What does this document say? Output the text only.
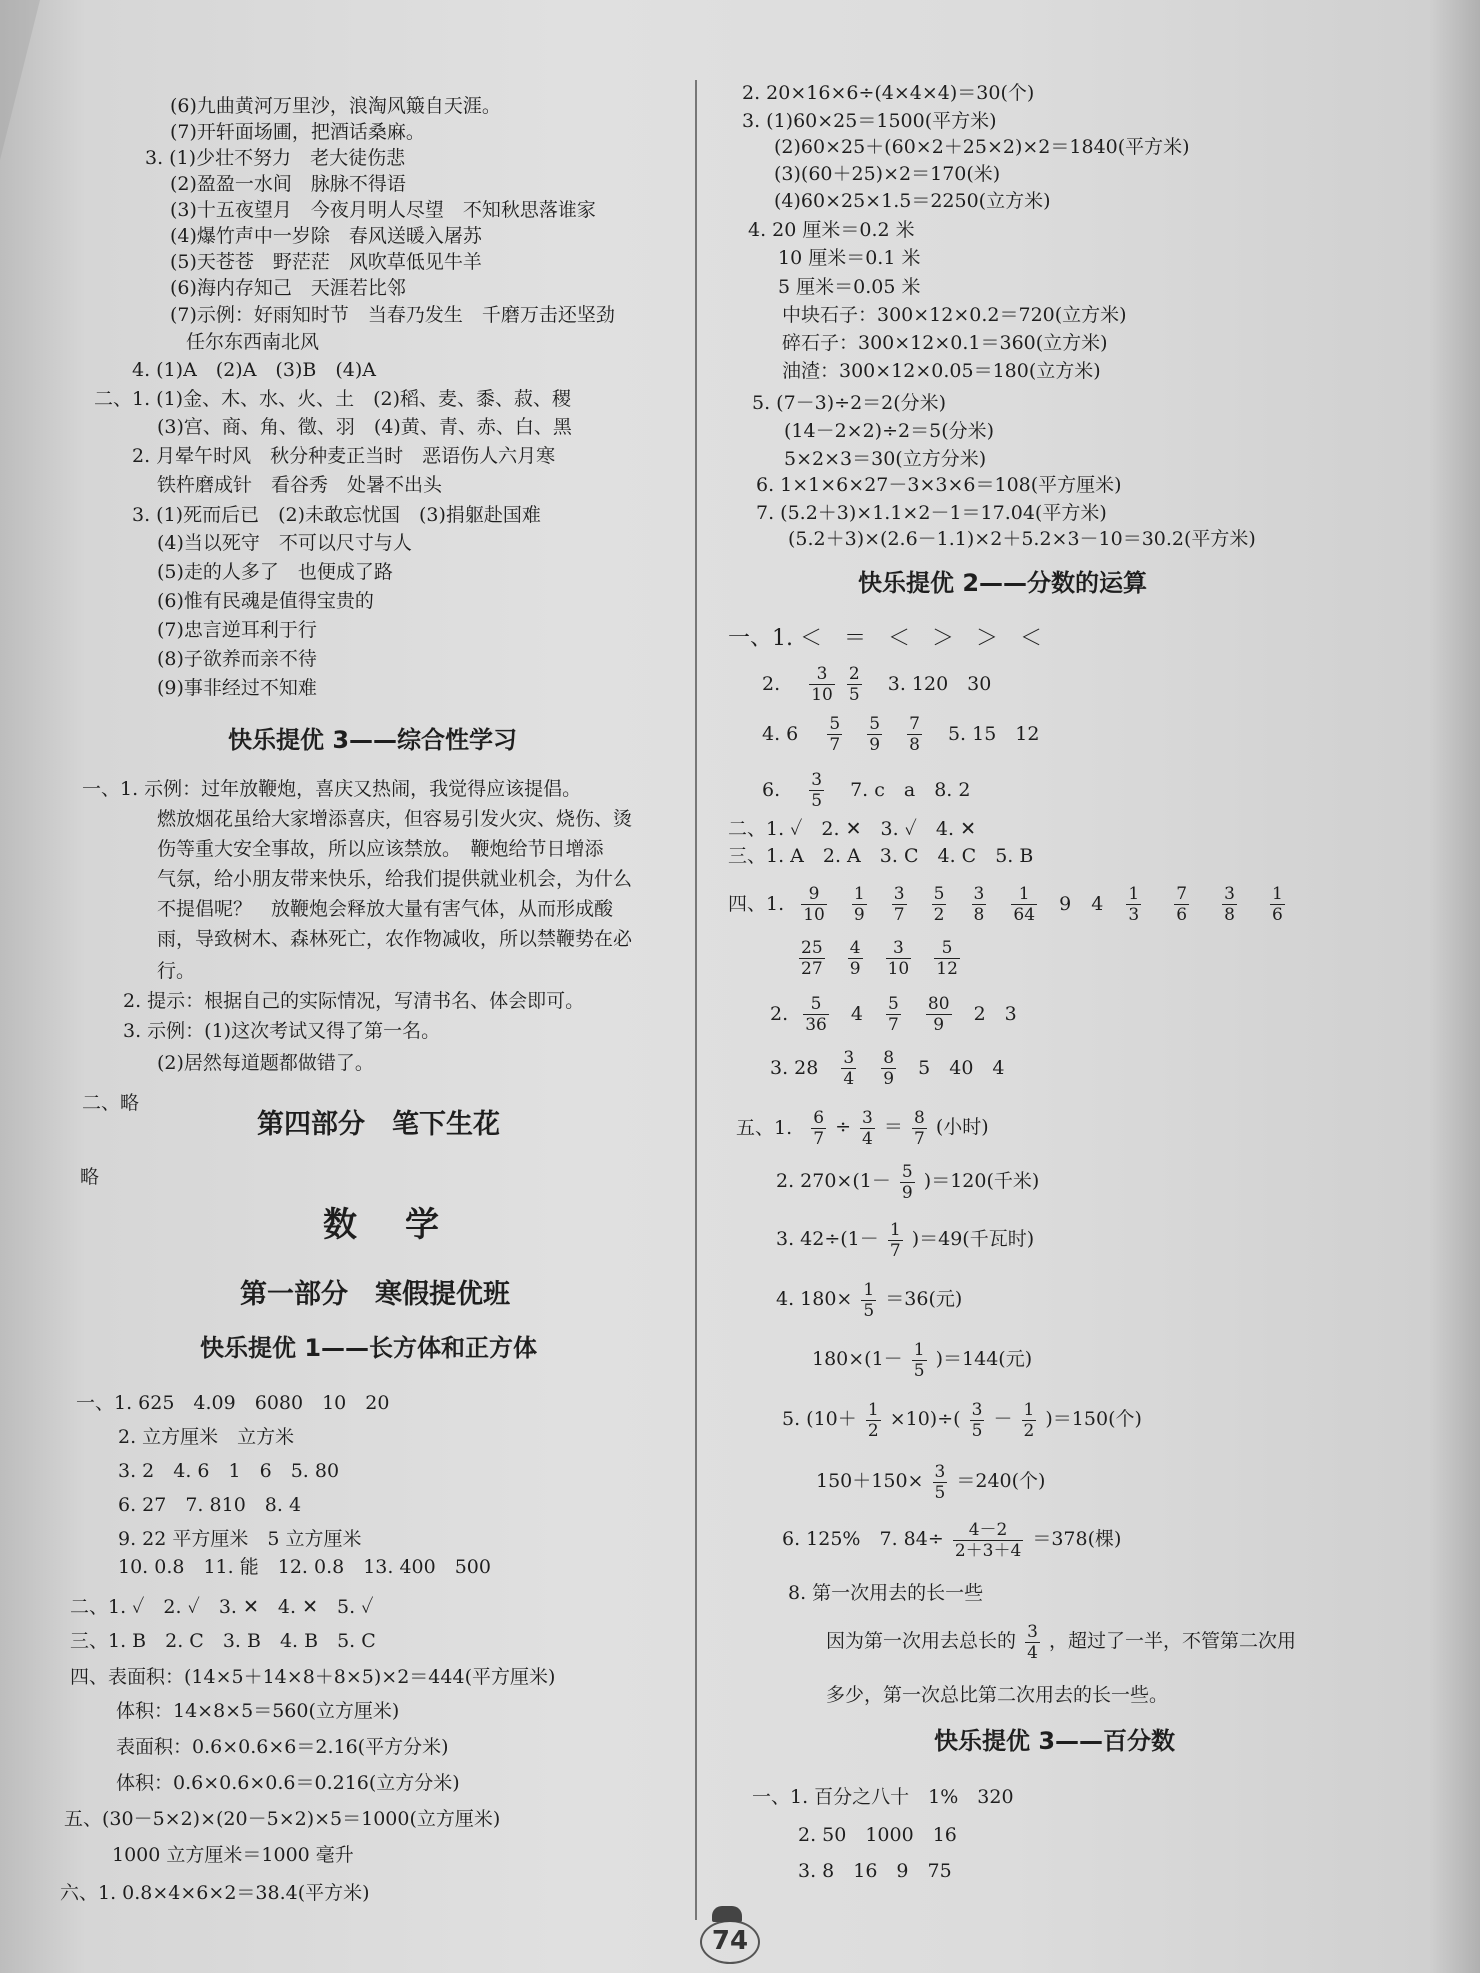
(6)九曲黄河万里沙，浪淘风簸自天涯。
(7)开轩面场圃，把酒话桑麻。
3. (1)少壮不努力　老大徒伤悲
(2)盈盈一水间　脉脉不得语
(3)十五夜望月　今夜月明人尽望　不知秋思落谁家
(4)爆竹声中一岁除　春风送暖入屠苏
(5)天苍苍　野茫茫　风吹草低见牛羊
(6)海内存知己　天涯若比邻
(7)示例：好雨知时节　当春乃发生　千磨万击还坚劲
任尔东西南北风
4. (1)A　(2)A　(3)B　(4)A
二、1. (1)金、木、水、火、土　(2)稻、麦、黍、菽、稷
(3)宫、商、角、徵、羽　(4)黄、青、赤、白、黑
2. 月晕午时风　秋分种麦正当时　恶语伤人六月寒
铁杵磨成针　看谷秀　处暑不出头
3. (1)死而后已　(2)未敢忘忧国　(3)捐躯赴国难
(4)当以死守　不可以尺寸与人
(5)走的人多了　也便成了路
(6)惟有民魂是值得宝贵的
(7)忠言逆耳利于行
(8)子欲养而亲不待
(9)事非经过不知难
快乐提优 3——综合性学习
一、1. 示例：过年放鞭炮，喜庆又热闹，我觉得应该提倡。
燃放烟花虽给大家增添喜庆，但容易引发火灾、烧伤、烫
伤等重大安全事故，所以应该禁放。　鞭炮给节日增添
气氛，给小朋友带来快乐，给我们提供就业机会，为什么
不提倡呢？　放鞭炮会释放大量有害气体，从而形成酸
雨，导致树木、森林死亡，农作物减收，所以禁鞭势在必
行。
2. 提示：根据自己的实际情况，写清书名、体会即可。
3. 示例：(1)这次考试又得了第一名。
(2)居然每道题都做错了。
二、略
第四部分　笔下生花
略
数学
第一部分　寒假提优班
快乐提优 1——长方体和正方体
一、1. 625　4.09　6080　10　20
2. 立方厘米　立方米
3. 2　4. 6　1　6　5. 80
6. 27　7. 810　8. 4
9. 22 平方厘米　5 立方厘米
10. 0.8　11. 能　12. 0.8　13. 400　500
二、1. ✓　2. ✓　3. ✕　4. ✕　5. ✓
三、1. B　2. C　3. B　4. B　5. C
四、表面积：(14×5＋14×8＋8×5)×2＝444(平方厘米)
体积：14×8×5＝560(立方厘米)
表面积：0.6×0.6×6＝2.16(平方分米)
体积：0.6×0.6×0.6＝0.216(立方分米)
五、(30－5×2)×(20－5×2)×5＝1000(立方厘米)
1000 立方厘米＝1000 毫升
六、1. 0.8×4×6×2＝38.4(平方米)
2. 20×16×6÷(4×4×4)＝30(个)
3. (1)60×25＝1500(平方米)
(2)60×25＋(60×2＋25×2)×2＝1840(平方米)
(3)(60＋25)×2＝170(米)
(4)60×25×1.5＝2250(立方米)
4. 20 厘米＝0.2 米
10 厘米＝0.1 米
5 厘米＝0.05 米
中块石子：300×12×0.2＝720(立方米)
碎石子：300×12×0.1＝360(立方米)
油渣：300×12×0.05＝180(立方米)
5. (7－3)÷2＝2(分米)
(14－2×2)÷2＝5(分米)
5×2×3＝30(立方分米)
6. 1×1×6×27－3×3×6＝108(平方厘米)
7. (5.2＋3)×1.1×2－1＝17.04(平方米)
(5.2＋3)×(2.6－1.1)×2＋5.2×3－10＝30.2(平方米)
快乐提优 2——分数的运算
一、1. ＜　＝　＜　＞　＞　＜
2. $\frac{3}{10}$
$\frac{2}{5} 3$. 120　30
4. $6 \frac{5}{7}$
$\frac{5}{9}$
$\frac{7}{8} 5$. 15　12
6. $\frac{3}{5} 7$. c　a　8. 2
二、1. ✓　2. ✕　3. ✓　4. ✕
三、1. A　2. A　3. C　4. C　5. B
四、1. $\frac{9}{10}$
$\frac{1}{9}$
$\frac{3}{7}$
$\frac{5}{2}$
$\frac{3}{8}$
$\frac{1}{64} 9$ $4 \frac{1}{3}$
$\frac{7}{6}$
$\frac{3}{8}$
$\frac{1}{6}$
$\frac{25}{27}$
$\frac{4}{9}$
$\frac{3}{10}$
$\frac{5}{12}$
2. $\frac{5}{36} 4 \frac{5}{7}$
$\frac{80}{9} 2$　3
3. $28 \frac{3}{4}$
$\frac{8}{9} 5$　40　4
五、1. $\frac{6}{7} \div \frac{3}{4} = \frac{8}{7}$ (小时)
2. $270\times(1- \frac{5}{9} )=120$(千米)
3. $42\div(1- \frac{1}{7} )=49$(千瓦时)
4. $180\times \frac{1}{5} =36$(元)
$180\times(1- \frac{1}{5} )=144$(元)
5. $(10+ \frac{1}{2} \times 10)\div( \frac{3}{5} - \frac{1}{2} )=150$(个)
$150+150\times \frac{3}{5} =240$(个)
6. 125%　7. $84\div \frac{4-2}{2+3+4} =378$(棵)
8. 第一次用去的长一些
因为第一次用去总长的 $\frac{3}{4}$ ，超过了一半，不管第二次用
多少，第一次总比第二次用去的长一些。
快乐提优 3——百分数
一、1. 百分之八十　1%　320
2. 50　1000　16
3. 8　16　9　75
74
